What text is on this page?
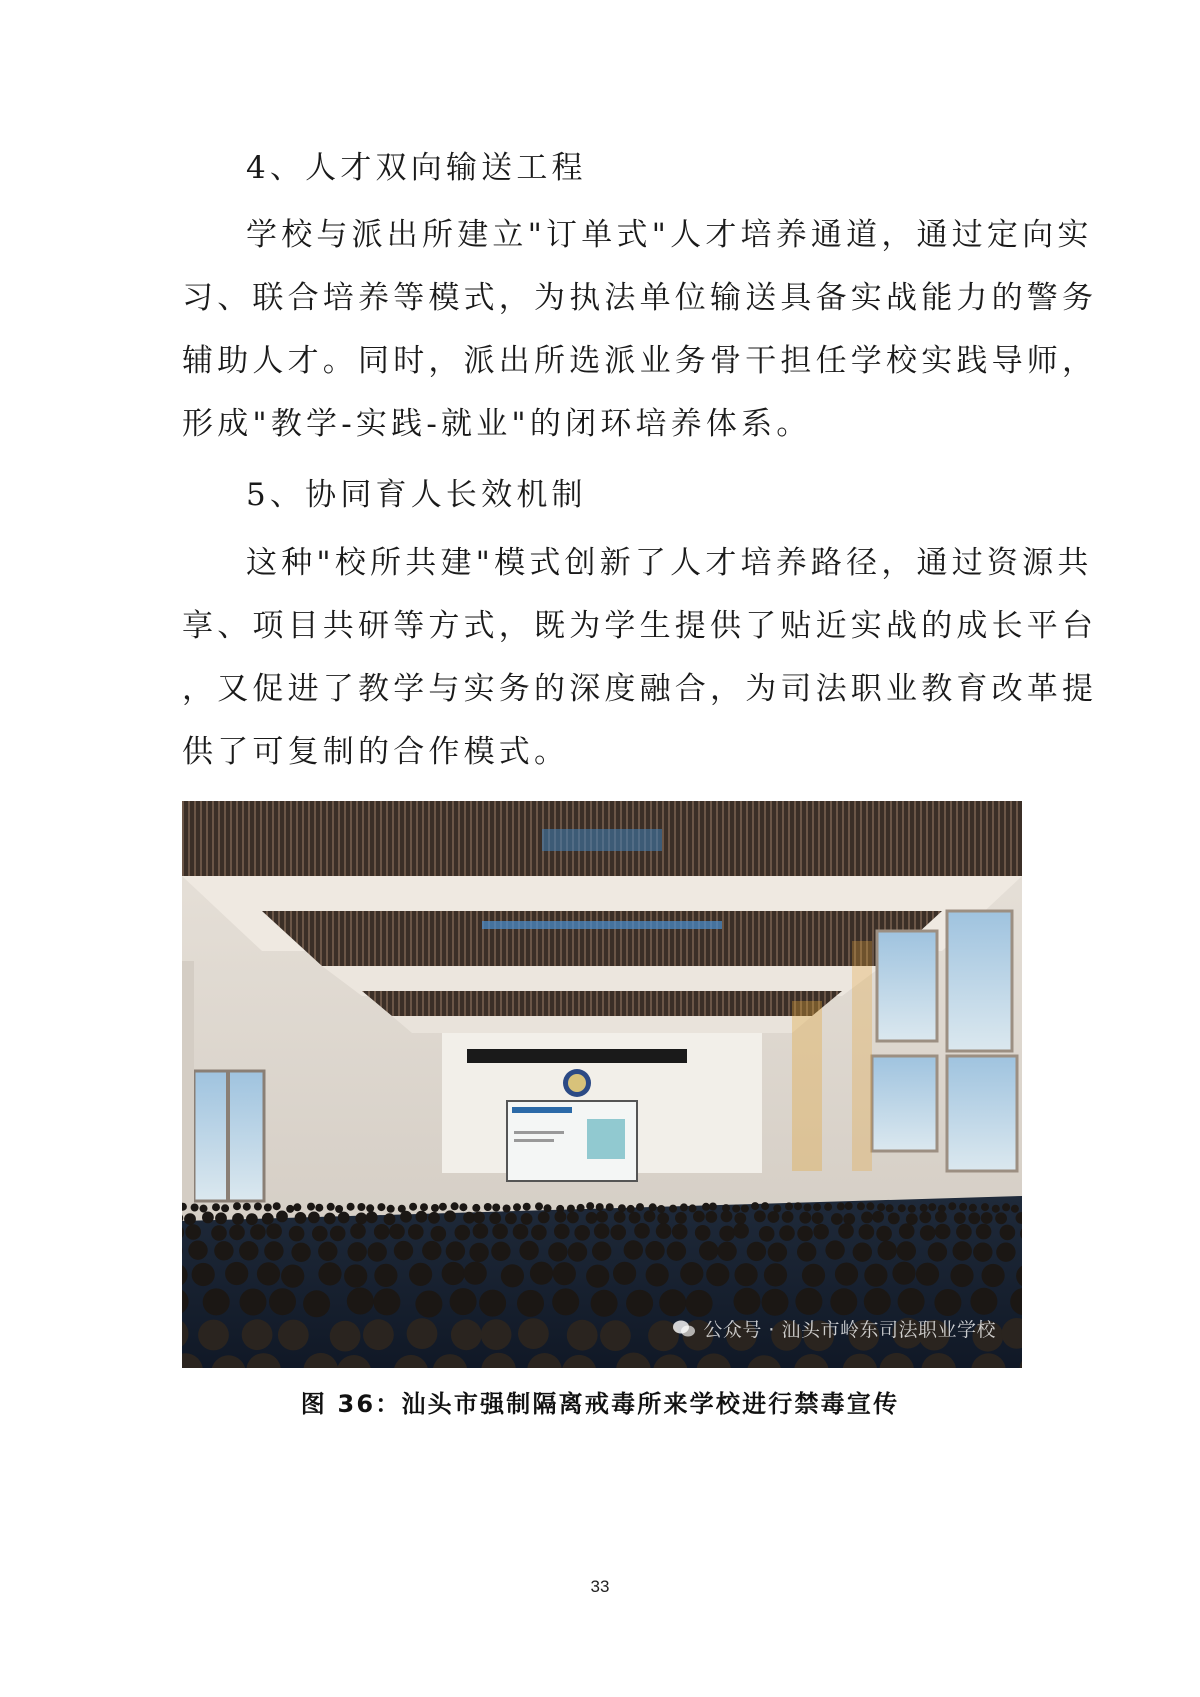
4、人才双向输送工程

学校与派出所建立"订单式"人才培养通道，通过定向实

习、联合培养等模式，为执法单位输送具备实战能力的警务

辅助人才。同时，派出所选派业务骨干担任学校实践导师，

形成"教学-实践-就业"的闭环培养体系。

5、协同育人长效机制

这种"校所共建"模式创新了人才培养路径，通过资源共

享、项目共研等方式，既为学生提供了贴近实战的成长平台

，又促进了教学与实务的深度融合，为司法职业教育改革提

供了可复制的合作模式。

公众号 · 汕头市岭东司法职业学校
图 36：汕头市强制隔离戒毒所来学校进行禁毒宣传
33
